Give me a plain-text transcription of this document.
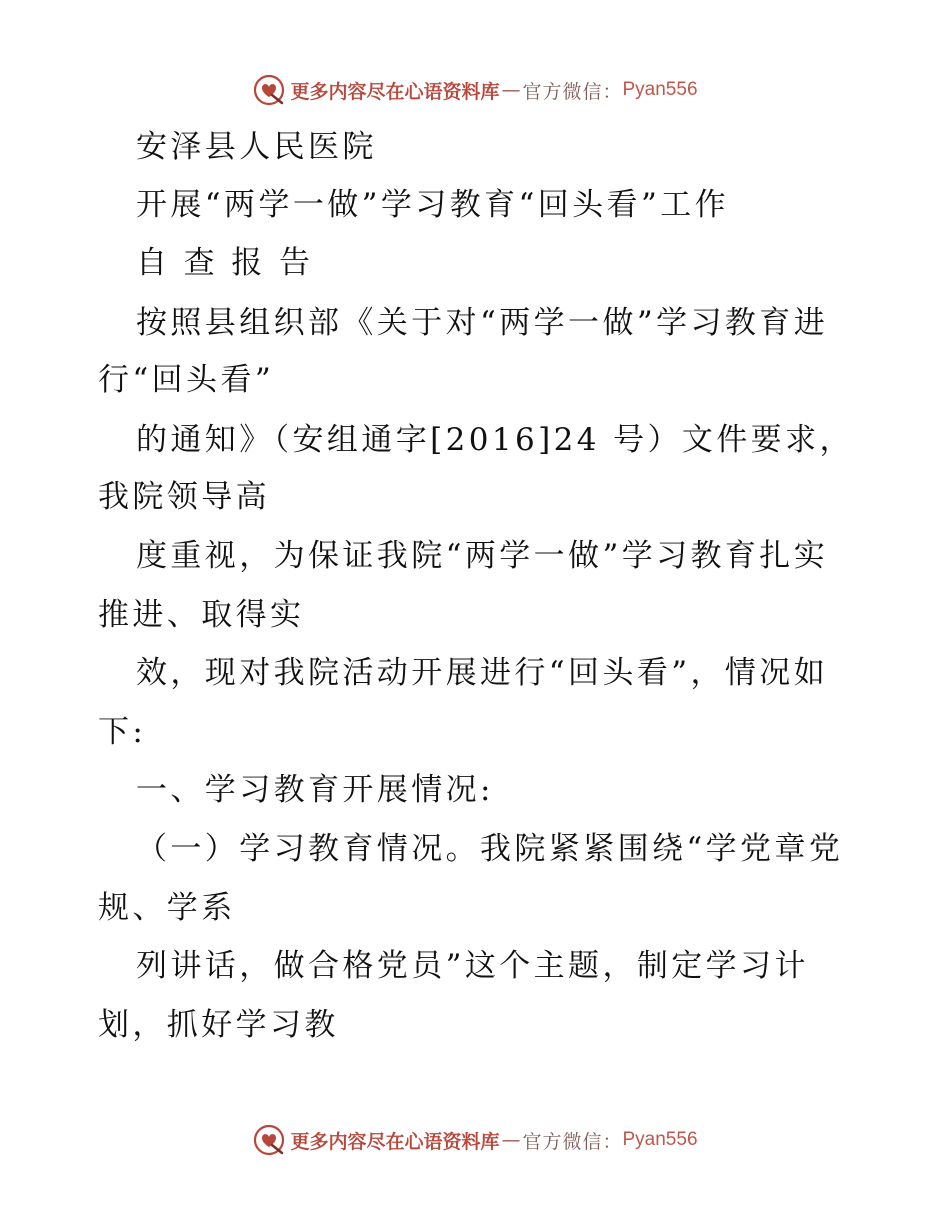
更多内容尽在心语资料库 — 官方微信： Pyan556
安泽县人民医院
开展“两学一做”学习教育“回头看”工作
自 查 报 告
按照县组织部《关于对“两学一做”学习教育进
行“回头看”
的通知》（安组通字[2016]24 号）文件要求，
我院领导高
度重视，为保证我院“两学一做”学习教育扎实
推进、取得实
效，现对我院活动开展进行“回头看”，情况如
下:
一、学习教育开展情况:
（一）学习教育情况。我院紧紧围绕“学党章党
规、学系
列讲话，做合格党员”这个主题，制定学习计
划，抓好学习教
更多内容尽在心语资料库 — 官方微信： Pyan556
